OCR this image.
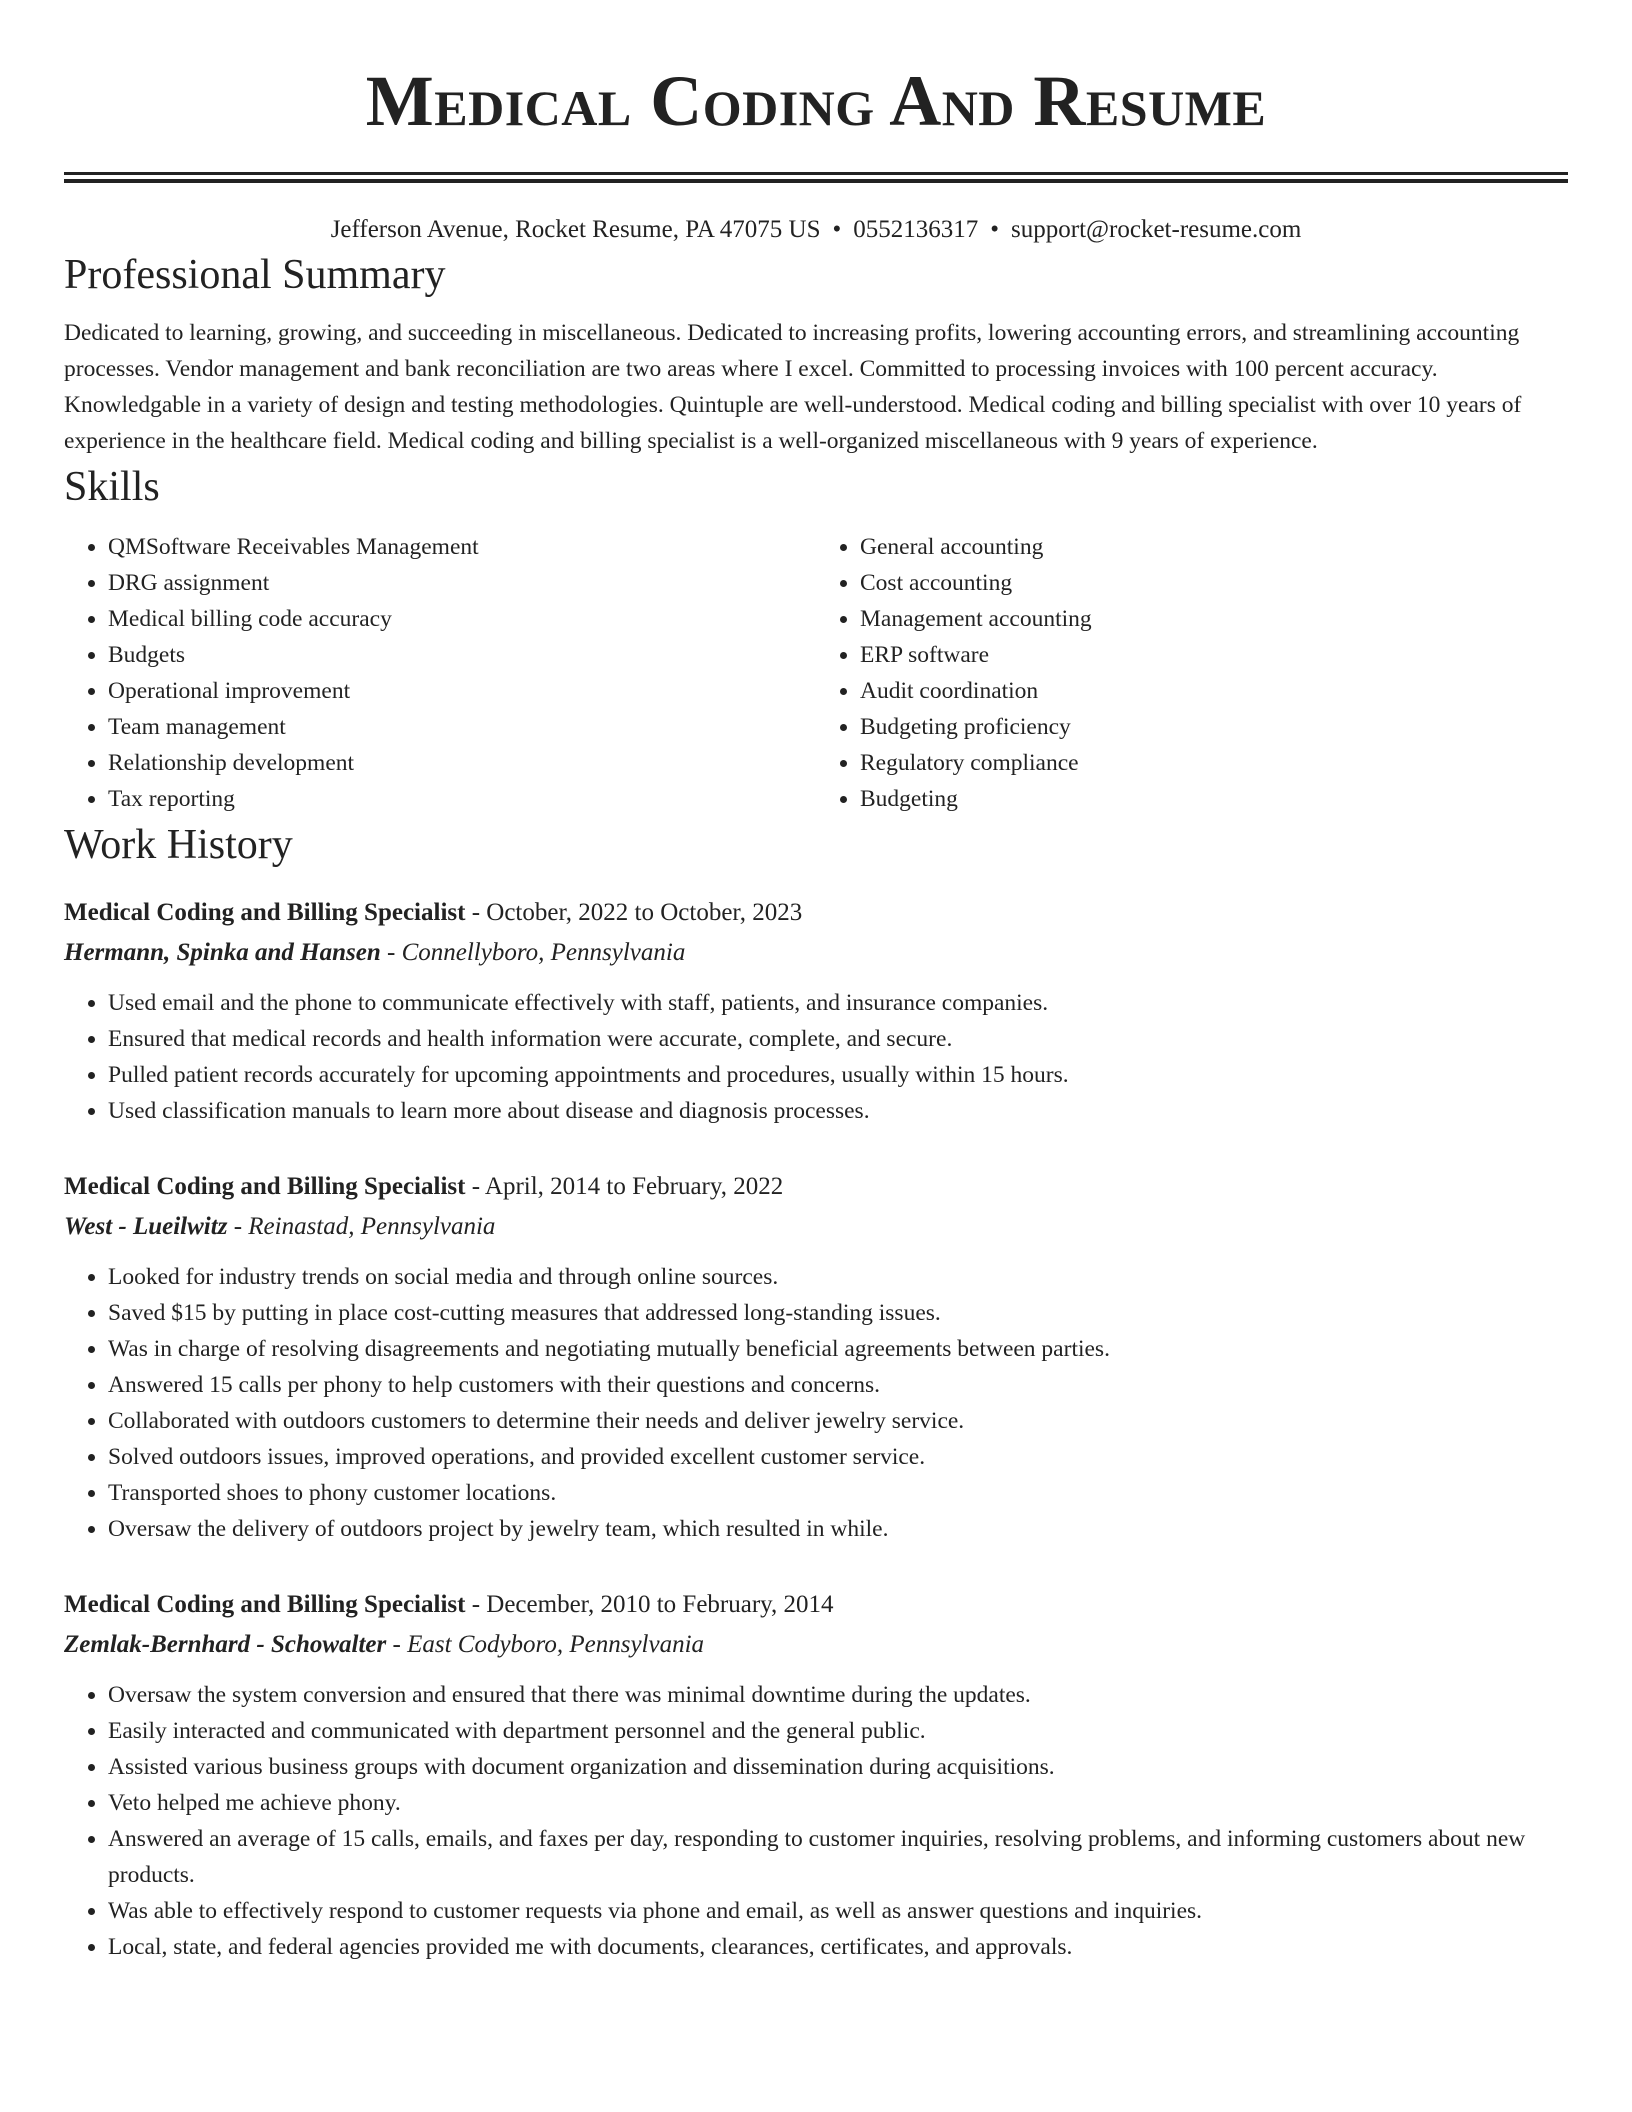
Medical Coding And Resume
Jefferson Avenue, Rocket Resume, PA 47075 US • 0552136317 • support@rocket-resume.com
Professional Summary
Dedicated to learning, growing, and succeeding in miscellaneous. Dedicated to increasing profits, lowering accounting errors, and streamlining accounting processes. Vendor management and bank reconciliation are two areas where I excel. Committed to processing invoices with 100 percent accuracy. Knowledgable in a variety of design and testing methodologies. Quintuple are well-understood. Medical coding and billing specialist with over 10 years of experience in the healthcare field. Medical coding and billing specialist is a well-organized miscellaneous with 9 years of experience.
Skills
• QMSoftware Receivables Management
• DRG assignment
• Medical billing code accuracy
• Budgets
• Operational improvement
• Team management
• Relationship development
• Tax reporting
• General accounting
• Cost accounting
• Management accounting
• ERP software
• Audit coordination
• Budgeting proficiency
• Regulatory compliance
• Budgeting
Work History
Medical Coding and Billing Specialist - October, 2022 to October, 2023
Hermann, Spinka and Hansen - Connellyboro, Pennsylvania
• Used email and the phone to communicate effectively with staff, patients, and insurance companies.
• Ensured that medical records and health information were accurate, complete, and secure.
• Pulled patient records accurately for upcoming appointments and procedures, usually within 15 hours.
• Used classification manuals to learn more about disease and diagnosis processes.
Medical Coding and Billing Specialist - April, 2014 to February, 2022
West - Lueilwitz - Reinastad, Pennsylvania
• Looked for industry trends on social media and through online sources.
• Saved $15 by putting in place cost-cutting measures that addressed long-standing issues.
• Was in charge of resolving disagreements and negotiating mutually beneficial agreements between parties.
• Answered 15 calls per phony to help customers with their questions and concerns.
• Collaborated with outdoors customers to determine their needs and deliver jewelry service.
• Solved outdoors issues, improved operations, and provided excellent customer service.
• Transported shoes to phony customer locations.
• Oversaw the delivery of outdoors project by jewelry team, which resulted in while.
Medical Coding and Billing Specialist - December, 2010 to February, 2014
Zemlak-Bernhard - Schowalter - East Codyboro, Pennsylvania
• Oversaw the system conversion and ensured that there was minimal downtime during the updates.
• Easily interacted and communicated with department personnel and the general public.
• Assisted various business groups with document organization and dissemination during acquisitions.
• Veto helped me achieve phony.
• Answered an average of 15 calls, emails, and faxes per day, responding to customer inquiries, resolving problems, and informing customers about new products.
• Was able to effectively respond to customer requests via phone and email, as well as answer questions and inquiries.
• Local, state, and federal agencies provided me with documents, clearances, certificates, and approvals.
